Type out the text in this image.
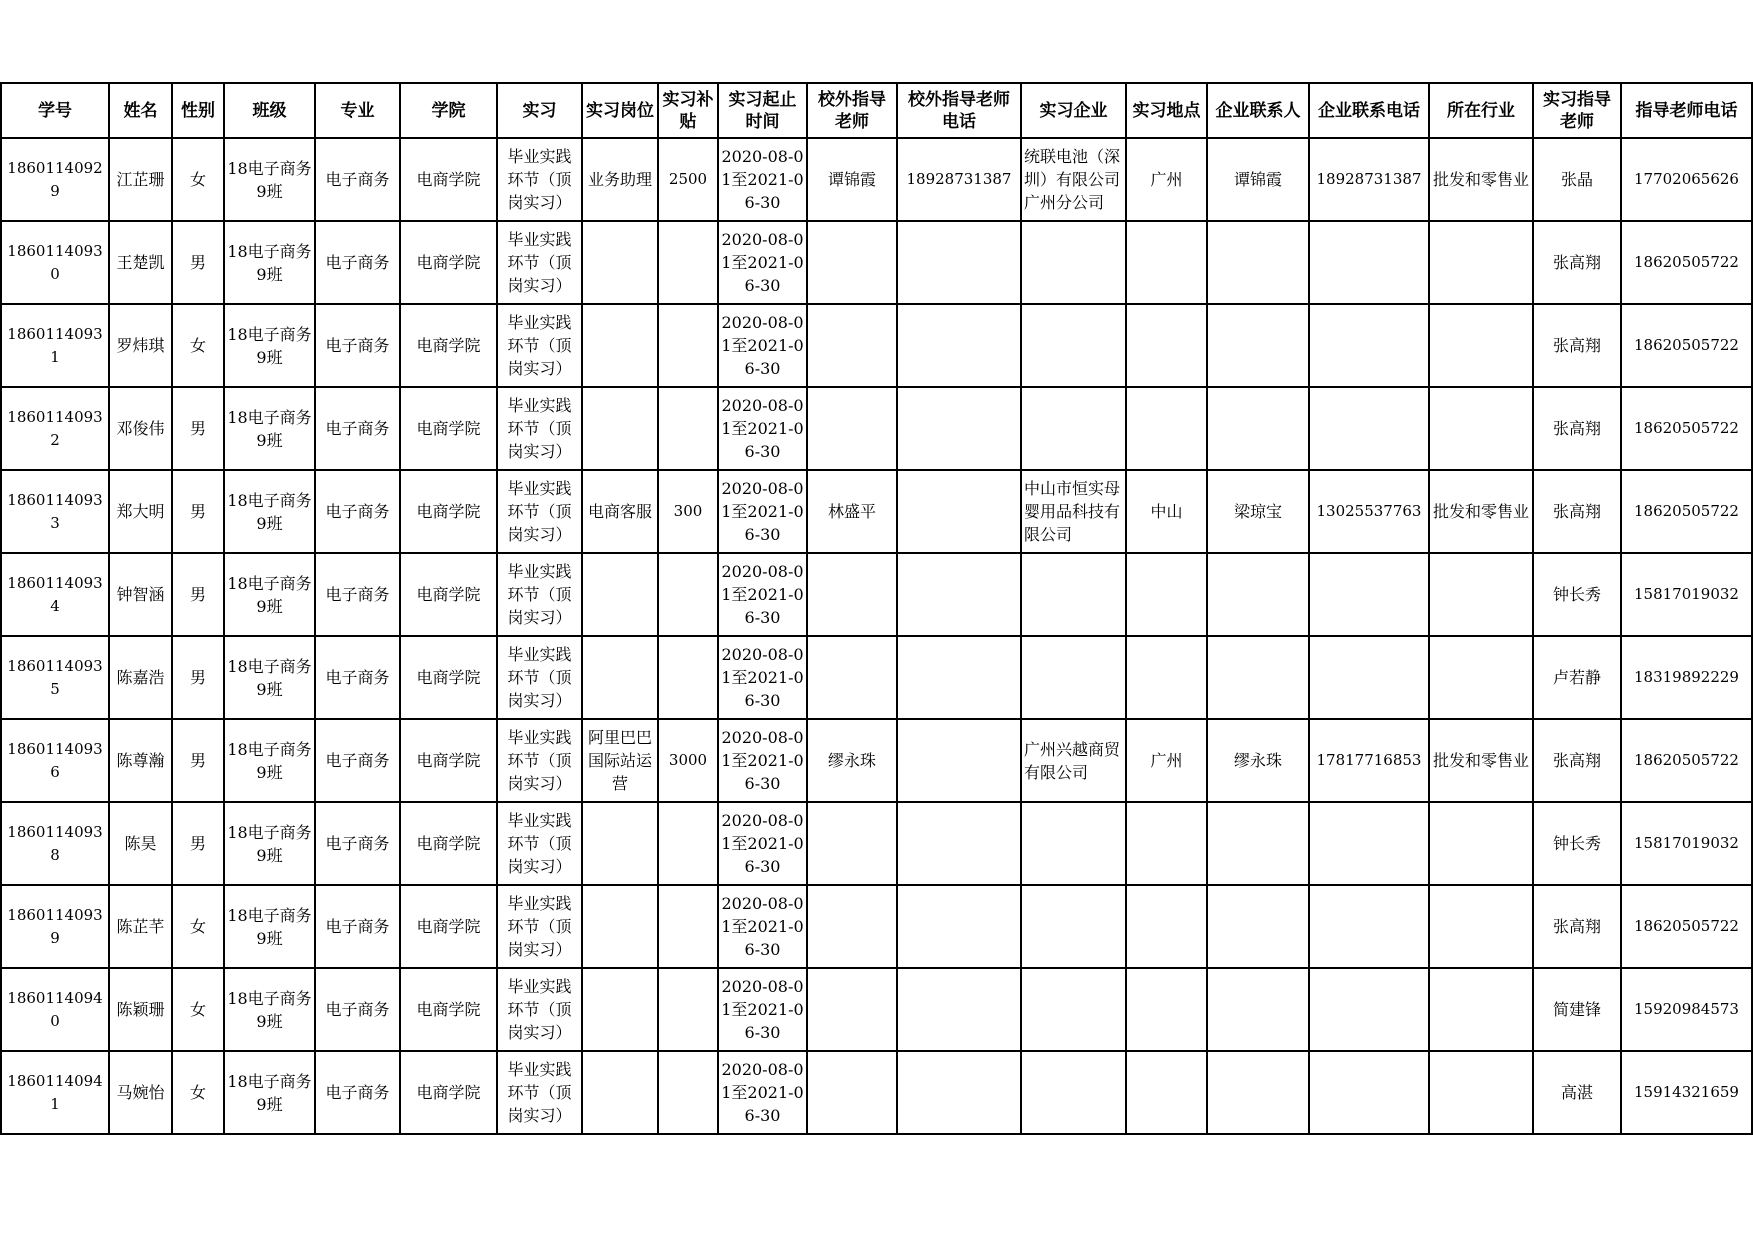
学号	姓名	性别	班级	专业	学院	实习	实习岗位	实习补贴	实习起止时间	校外指导老师	校外指导老师电话	实习企业	实习地点	企业联系人	企业联系电话	所在行业	实习指导老师	指导老师电话

18601140929	江芷珊	女	18电子商务9班	电子商务	电商学院	毕业实践环节（顶岗实习）	业务助理	2500	2020-08-01至2021-06-30	谭锦霞	18928731387	统联电池（深圳）有限公司广州分公司	广州	谭锦霞	18928731387	批发和零售业	张晶	17702065626

18601140930	王楚凯	男	18电子商务9班	电子商务	电商学院	毕业实践环节（顶岗实习）			2020-08-01至2021-06-30								张高翔	18620505722

18601140931	罗炜琪	女	18电子商务9班	电子商务	电商学院	毕业实践环节（顶岗实习）			2020-08-01至2021-06-30								张高翔	18620505722

18601140932	邓俊伟	男	18电子商务9班	电子商务	电商学院	毕业实践环节（顶岗实习）			2020-08-01至2021-06-30								张高翔	18620505722

18601140933	郑大明	男	18电子商务9班	电子商务	电商学院	毕业实践环节（顶岗实习）	电商客服	300	2020-08-01至2021-06-30	林盛平		中山市恒实母婴用品科技有限公司	中山	梁琼宝	13025537763	批发和零售业	张高翔	18620505722

18601140934	钟智涵	男	18电子商务9班	电子商务	电商学院	毕业实践环节（顶岗实习）			2020-08-01至2021-06-30								钟长秀	15817019032

18601140935	陈嘉浩	男	18电子商务9班	电子商务	电商学院	毕业实践环节（顶岗实习）			2020-08-01至2021-06-30								卢若静	18319892229

18601140936	陈尊瀚	男	18电子商务9班	电子商务	电商学院	毕业实践环节（顶岗实习）	阿里巴巴国际站运营	3000	2020-08-01至2021-06-30	缪永珠		广州兴越商贸有限公司	广州	缪永珠	17817716853	批发和零售业	张高翔	18620505722

18601140938	陈昊	男	18电子商务9班	电子商务	电商学院	毕业实践环节（顶岗实习）			2020-08-01至2021-06-30								钟长秀	15817019032

18601140939	陈芷芊	女	18电子商务9班	电子商务	电商学院	毕业实践环节（顶岗实习）			2020-08-01至2021-06-30								张高翔	18620505722

18601140940	陈颖珊	女	18电子商务9班	电子商务	电商学院	毕业实践环节（顶岗实习）			2020-08-01至2021-06-30								简建锋	15920984573

18601140941	马婉怡	女	18电子商务9班	电子商务	电商学院	毕业实践环节（顶岗实习）			2020-08-01至2021-06-30								高湛	15914321659
